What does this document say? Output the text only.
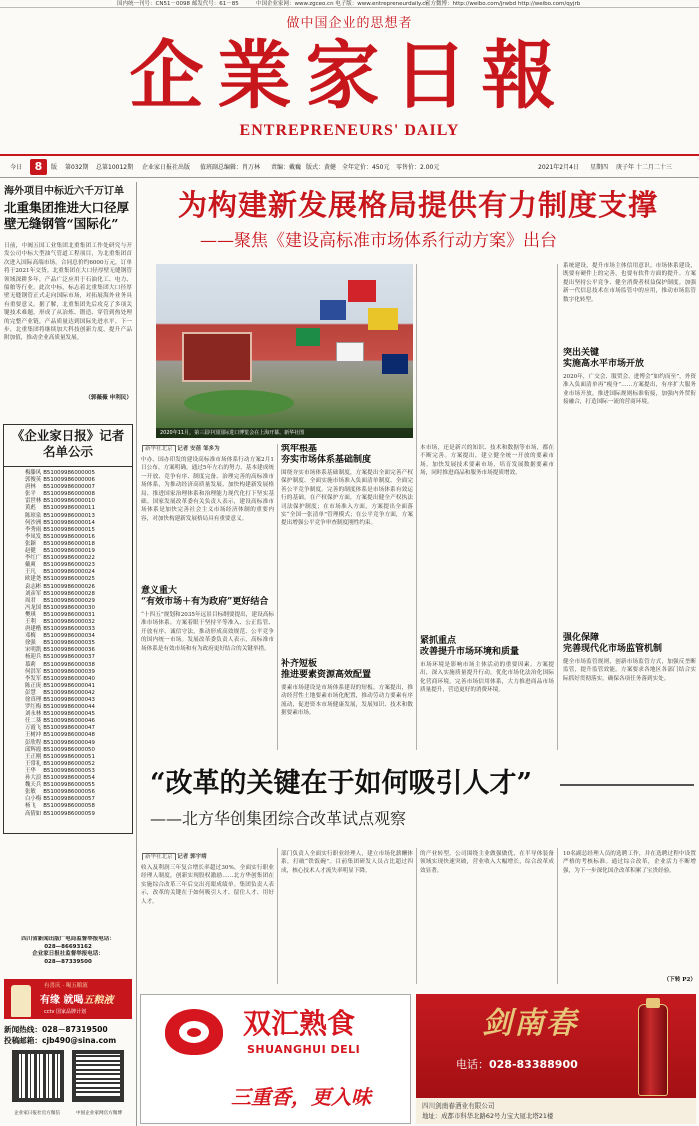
国内统一刊号：CN51－0098 邮发代号：61－85	中国企业家网：www.zgceo.cn 电子版：www.entrepreneurdaily.cn
官方微博：http://weibo.com/jrwbd http://weibo.com/qyjrb
做中国企业的思想者
企業家日報
ENTREPRENEURS' DAILY
今日	8	版 第032期 总第10012期 企业家日报社出版 值班副总编辑：肖万林 责编：戴巍 版式：黄健 全年定价：450元 零售价：2.00元	2021年2月4日 星期四 庚子年 十二月二十三
海外项目中标近六千万订单
北重集团推进大口径厚壁无缝钢管“国际化”
日前，中阀五国工业集团北重集团工作处研究与开发公司中标大型油气管道工程项目，为北重集团首次进入国际高端市场。合同总价约6000万元，订单将于2021年交货。北重集团在大口径厚壁无缝钢管领域深耕多年，产品广泛应用于石油化工、电力、船舶等行业。此次中标，标志着北重集团大口径厚壁无缝钢管正式走向国际市场，对拓展海外业务具有重要意义。据了解，北重集团先后攻克了多项关键技术难题，形成了从冶炼、锻造、穿管到热处理的完整产业链，产品质量达到国际先进水平。下一步，北重集团将继续加大科技创新力度，提升产品附加值，推动企业高质量发展。
（郭薇薇 申利民）
《企业家日报》记者名单公示
梅滕风	B51009986000005
郭俊英	B51009986000006
唐林	B51009986000007
张平	B51009986000008
雷世林	B51009986000010
黄彪	B51009986000011
陈琼泉	B51009986000013
何沙洲	B51009986000014
李秀雨	B51009986000015
李凤发	B51009986000016
张颖	B51009986000018
赵健	B51009986000019
李红广	B51009986000022
戴爽	B51009986000023
王凡	B51009986000024
欧建尧	B51009986000025
袁志彬	B51009986000026
刘彦军	B51009986000028
周君	B51009986000029
冯龙国	B51009986000030
樊琪	B51009986000031
王利	B51009986000032
唐建楷	B51009986000033
邓梅	B51009986000034
徐强	B51009986000035
宋明凯	B51009986000036
杨迎兵	B51009986000037
慕莉	B51009986000038
何洪军	B51009986000039
李发军	B51009986000040
陈正庚	B51009986000041
彭慧	B51009986000042
徐真理	B51009986000043
罗红梅	B51009986000044
刘永林	B51009986000045
任二葵	B51009986000046
万霞飞	B51009986000047
王树冲	B51009986000048
彭欣程	B51009986000049
邱辉霞	B51009986000050
王正刚	B51009986000051
王常礼	B51009986000052
王华	B51009986000053
孙大浪	B51009986000054
魏天兵	B51009986000055
张敏	B51009986000056
白小梅	B51009986000057
杨飞	B51009986000058
高倩如	B51009986000059
四川省新闻出版广电局监督举报电话：
028—86693162
企业家日报社监督举报电话：
028—87339500
有喜庆 · 喝五粮液
有缘 就喝五粮液
cctv 国家品牌计划
新闻热线：028－87319500
投稿邮箱：cjb490@sina.com
企业家日报社官方微信	中国企业家网官方微博
为构建新发展格局提供有力制度支撑
——聚焦《建设高标准市场体系行动方案》出台
2020年11月，第三届中国国际进口博览会在上海开幕。新华社图
新华社北京 记者 安蓓 邹多为
中办、国办印发的建设高标准市场体系行动方案2月1日公布。方案明确，通过5年左右的努力，基本建成统一开放、竞争有序、制度完备、治理完善的高标准市场体系，为推动经济高质量发展、加快构建新发展格局、推进国家治理体系和治理能力现代化打下坚实基础。国家发展改革委有关负责人表示，建设高标准市场体系是加快完善社会主义市场经济体制的重要内容，对加快构建新发展格局具有重要意义。
意义重大
“有效市场＋有为政府”更好结合
“十四五”规划和2035年远景目标纲要提出，建设高标准市场体系。方案着眼于坚持平等准入、公正监管、开放有序、诚信守法，推动形成高效规范、公平竞争的国内统一市场。发展改革委负责人表示，高标准市场体系是有效市场和有为政府更好结合的关键举措。
筑牢根基
夯实市场体系基础制度
围绕夯实市场体系基础制度，方案提出全面完善产权保护制度、全面实施市场准入负面清单制度、全面完善公平竞争制度。完善的制度体系是市场体系有效运行的基础。在产权保护方面，方案提出健全产权执法司法保护制度；在市场准入方面，方案提出全面落实“全国一张清单”管理模式；在公平竞争方面，方案提出增强公平竞争审查制度刚性约束。
补齐短板
推进要素资源高效配置
要素市场建设是市场体系建设的短板。方案提出，推动经营性土地要素市场化配置，推动劳动力要素有序流动，促进资本市场健康发展，发展知识、技术和数据要素市场。
本市场，还是新兴的知识、技术和数据等市场，都在不断完善。方案提出，建立健全统一开放的要素市场，加快发展技术要素市场，培育发展数据要素市场，同时推进商品和服务市场提质增效。
紧抓重点
改善提升市场环境和质量
市场环境是影响市场主体活动的重要因素。方案提出，深入实施质量提升行动，优化市场化法治化国际化营商环境，完善市场信用体系，大力推进商品市场质量提升，营造更好的消费环境。
系统建设，提升市场主体信用意识。市场体系建设，既要有硬件上的完善，也要有软件方面的提升。方案提出坚持公平竞争、健全消费者权益保护制度。加强新一代信息技术在市场监管中的应用，推动市场监管数字化转型。
突出关键
实施高水平市场开放
2020年，广交会、服贸会、进博会“如约而至”，外资准入负面清单再“瘦身”……方案提出，有序扩大服务业市场开放，推进国际规则标准衔接，加强内外贸衔接融合，打造国际一流的营商环境。
强化保障
完善现代化市场监管机制
健全市场监管规则，创新市场监管方式，加强反垄断监管，提升监管效能。方案要求各地区各部门结合实际抓好贯彻落实，确保各项任务落到实处。
“改革的关键在于如何吸引人才”
——北方华创集团综合改革试点观察
新华社北京 记者 郭宇靖
收入及利润三年复合增长率超过30%，全面实行职业经理人制度，创新实现股权激励……北方华创集团在实施综合改革三年后交出亮眼成绩单。集团负责人表示，改革的关键在于如何吸引人才、留住人才、用好人才。
部门负责人全面实行职业经理人，建立市场化薪酬体系，打破“铁饭碗”。目前集团研发人员占比超过四成，核心技术人才流失率明显下降。
的产业转型。公司围绕主业做强做优，在半导体装备领域实现快速突破，营业收入大幅增长，综合改革成效显著。
10名副总经理人员的选聘工作，并在选聘过程中设置严格的考核标准。通过综合改革，企业活力不断增强，为下一步深化国企改革积累了宝贵经验。
（下转 P2）
双汇熟食
SHUANGHUI DELI
三重香，更入味
剑南春
电话：028-83388900
四川剑南春酒业有限公司
地址：成都市科华北路62号力宝大厦北塔21楼
